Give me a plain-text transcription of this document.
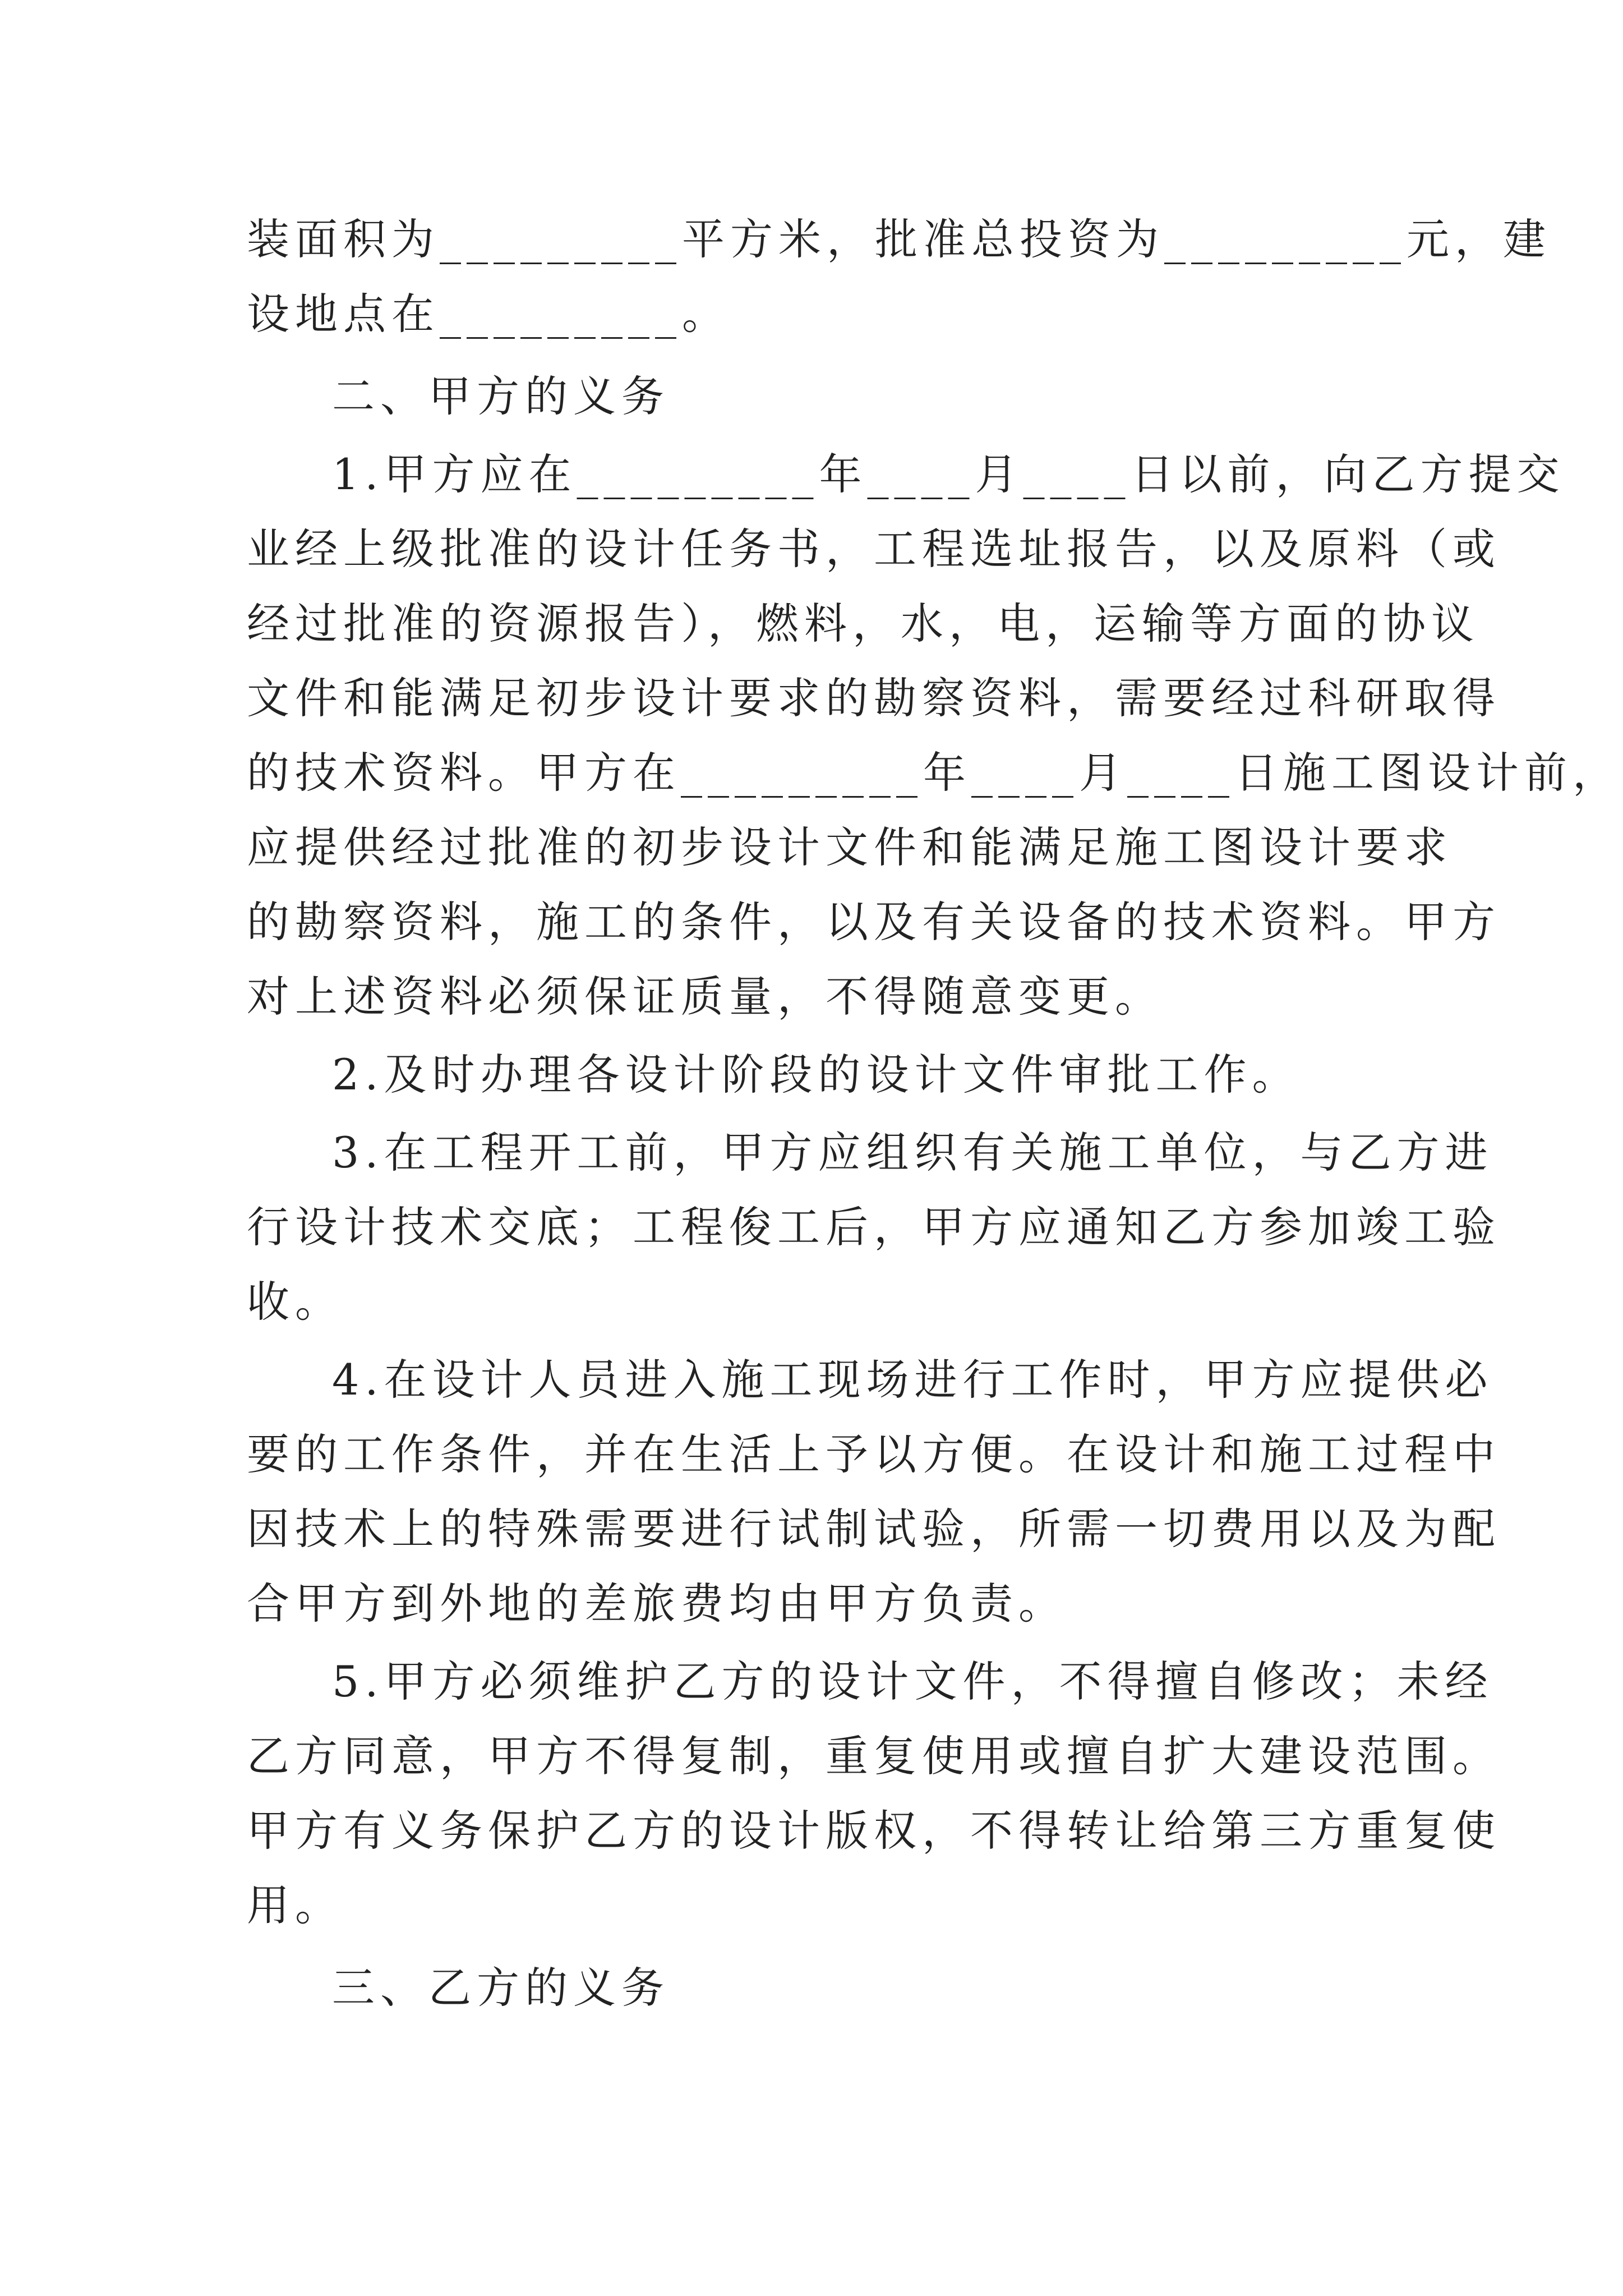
装面积为_________平方米，批准总投资为_________元，建
设地点在_________。
二、甲方的义务
1.甲方应在_________年____月____日以前，向乙方提交
业经上级批准的设计任务书，工程选址报告，以及原料（或
经过批准的资源报告），燃料，水，电，运输等方面的协议
文件和能满足初步设计要求的勘察资料，需要经过科研取得
的技术资料。甲方在_________年____月____日施工图设计前，
应提供经过批准的初步设计文件和能满足施工图设计要求
的勘察资料，施工的条件，以及有关设备的技术资料。甲方
对上述资料必须保证质量，不得随意变更。
2.及时办理各设计阶段的设计文件审批工作。
3.在工程开工前，甲方应组织有关施工单位，与乙方进
行设计技术交底；工程俊工后，甲方应通知乙方参加竣工验
收。
4.在设计人员进入施工现场进行工作时，甲方应提供必
要的工作条件，并在生活上予以方便。在设计和施工过程中
因技术上的特殊需要进行试制试验，所需一切费用以及为配
合甲方到外地的差旅费均由甲方负责。
5.甲方必须维护乙方的设计文件，不得擅自修改；未经
乙方同意，甲方不得复制，重复使用或擅自扩大建设范围。
甲方有义务保护乙方的设计版权，不得转让给第三方重复使
用。
三、乙方的义务
